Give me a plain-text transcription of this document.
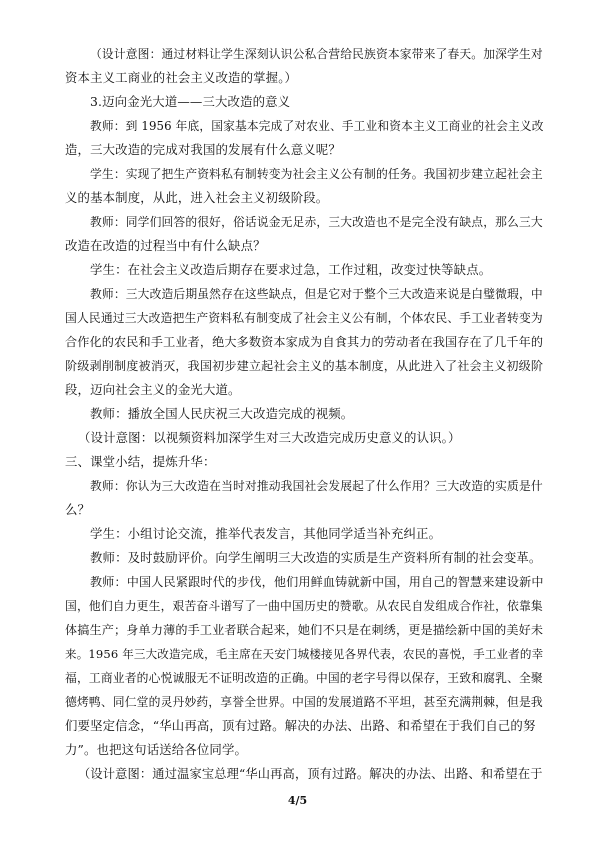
（设计意图：通过材料让学生深刻认识公私合营给民族资本家带来了春天。加深学生对
资本主义工商业的社会主义改造的掌握。）
3.迈向金光大道——三大改造的意义
教师：到 1956 年底，国家基本完成了对农业、手工业和资本主义工商业的社会主义改
造，三大改造的完成对我国的发展有什么意义呢？
学生：实现了把生产资料私有制转变为社会主义公有制的任务。我国初步建立起社会主
义的基本制度，从此，进入社会主义初级阶段。
教师：同学们回答的很好，俗话说金无足赤，三大改造也不是完全没有缺点，那么三大
改造在改造的过程当中有什么缺点？
学生：在社会主义改造后期存在要求过急，工作过粗，改变过快等缺点。
教师：三大改造后期虽然存在这些缺点，但是它对于整个三大改造来说是白璧微瑕，中
国人民通过三大改造把生产资料私有制变成了社会主义公有制，个体农民、手工业者转变为
合作化的农民和手工业者，绝大多数资本家成为自食其力的劳动者在我国存在了几千年的
阶级剥削制度被消灭，我国初步建立起社会主义的基本制度，从此进入了社会主义初级阶
段，迈向社会主义的金光大道。
教师：播放全国人民庆祝三大改造完成的视频。
（设计意图：以视频资料加深学生对三大改造完成历史意义的认识。）
三、课堂小结，提炼升华：
教师：你认为三大改造在当时对推动我国社会发展起了什么作用？三大改造的实质是什
么？
学生：小组讨论交流，推举代表发言，其他同学适当补充纠正。
教师：及时鼓励评价。向学生阐明三大改造的实质是生产资料所有制的社会变革。
教师：中国人民紧跟时代的步伐，他们用鲜血铸就新中国，用自己的智慧来建设新中
国，他们自力更生，艰苦奋斗谱写了一曲中国历史的赞歌。从农民自发组成合作社，依靠集
体搞生产；身单力薄的手工业者联合起来，她们不只是在刺绣，更是描绘新中国的美好未
来。1956 年三大改造完成，毛主席在天安门城楼接见各界代表，农民的喜悦，手工业者的幸
福，工商业者的心悦诚服无不证明改造的正确。中国的老字号得以保存，王致和腐乳、全聚
德烤鸭、同仁堂的灵丹妙药，享誉全世界。中国的发展道路不平坦，甚至充满荆棘，但是我
们要坚定信念，“华山再高，顶有过路。解决的办法、出路、和希望在于我们自己的努
力”。也把这句话送给各位同学。
（设计意图：通过温家宝总理“华山再高，顶有过路。解决的办法、出路、和希望在于
4/5
